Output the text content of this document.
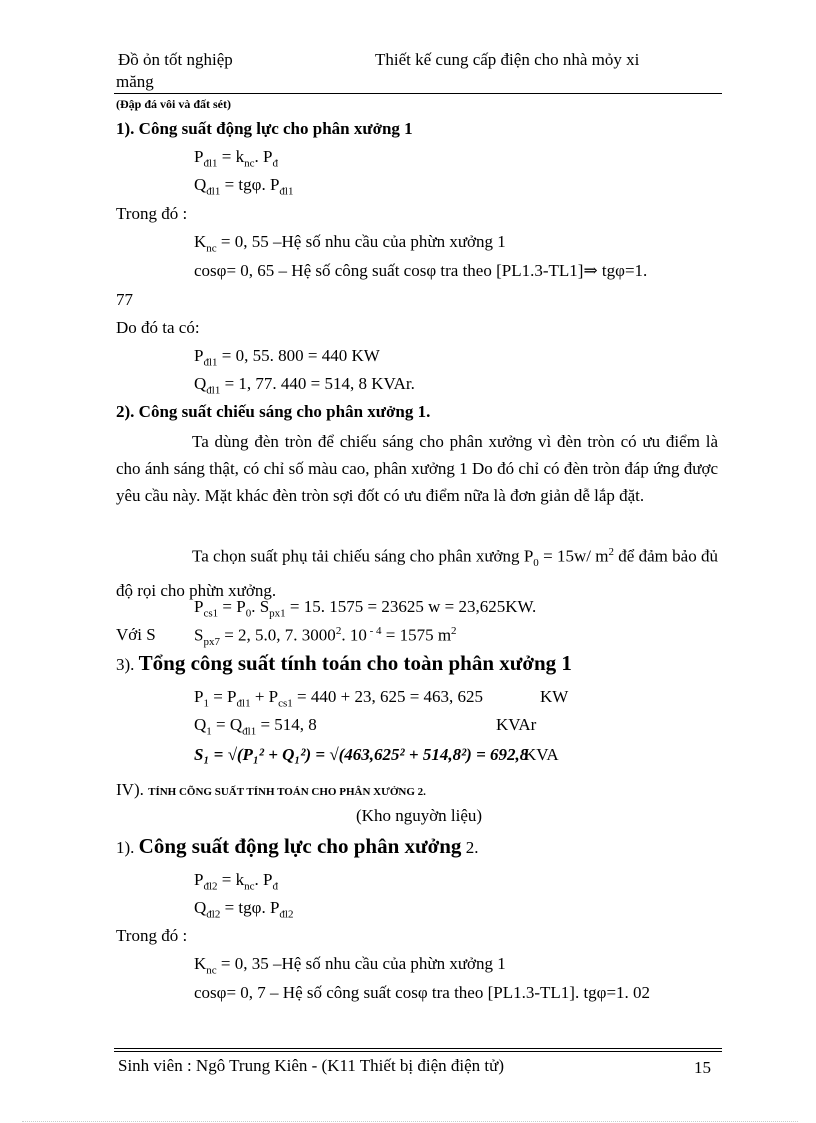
Đồ ỏn tốt nghiệp	Thiết kế cung cấp điện cho nhà mỏy xi
măng
(Đập đá vôi và đất sét)
1). Công suất động lực cho phân xưởng 1
$P_{đl1} = k_{nc}$. $P_đ$
$Q_{đl1} = tg\varphi$. $P_{đl1}$
Trong đó :
$K_{nc} = 0$, 55 –Hệ số nhu cầu của phừn xưởng 1
cosφ= 0, 65 – Hệ số công suất cosφ tra theo [PL1.3-TL1]⇒ tgφ=1.
77
Do đó ta có:
$P_{đl1} = 0$, 55. 800 = 440 KW
$Q_{đl1} = 1$, 77. 440 = 514, 8 KVAr.
2). Công suất chiếu sáng cho phân xưởng 1.
Ta dùng đèn tròn để chiếu sáng cho phân xưởng vì đèn tròn có ưu điểm là cho ánh sáng thật, có chỉ số màu cao, phân xưởng 1 Do đó chỉ có đèn tròn đáp ứng được yêu cầu này. Mặt khác đèn tròn sợi đốt có ưu điểm nữa là đơn giản dễ lắp đặt.
Ta chọn suất phụ tải chiếu sáng cho phân xưởng $P_0 = 15w/$ $m^2$ để đảm bảo đủ độ rọi cho phừn xưởng.
$P_{cs1} = P_0$. $S_{px1} = 15$. 1575 = 23625 w = 23,625KW.
Với S $S_{px7} = 2$, 5.0, 7. 3000$^2$. 10 $^{- 4}$ = 1575 $m^2$
3). Tổng công suất tính toán cho toàn phân xưởng 1
$P_1 = P_{đl1} + P_{cs1} = 440 + 23$, 625 = 463, 625	KW
$Q_1 = Q_{đl1} = 514$, 8	KVAr
S₁ = √(P₁² + Q₁²) = √(463,625² + 514,8²) = 692,8
KVA
IV). TÍNH CÕNG SUẤT TÍNH TOÁN CHO PHÂN XƯỞNG 2.
(Kho nguyờn liệu)
1). Công suất động lực cho phân xưởng 2.
$P_{đl2} = k_{nc}$. $P_đ$
$Q_{đl2} = tg\varphi$. $P_{đl2}$
Trong đó :
$K_{nc} = 0$, 35 –Hệ số nhu cầu của phừn xưởng 1
cosφ= 0, 7 – Hệ số công suất cosφ tra theo [PL1.3-TL1]. tgφ=1. 02
Sinh viên : Ngô Trung Kiên - (K11 Thiết bị điện điện tử)	15
